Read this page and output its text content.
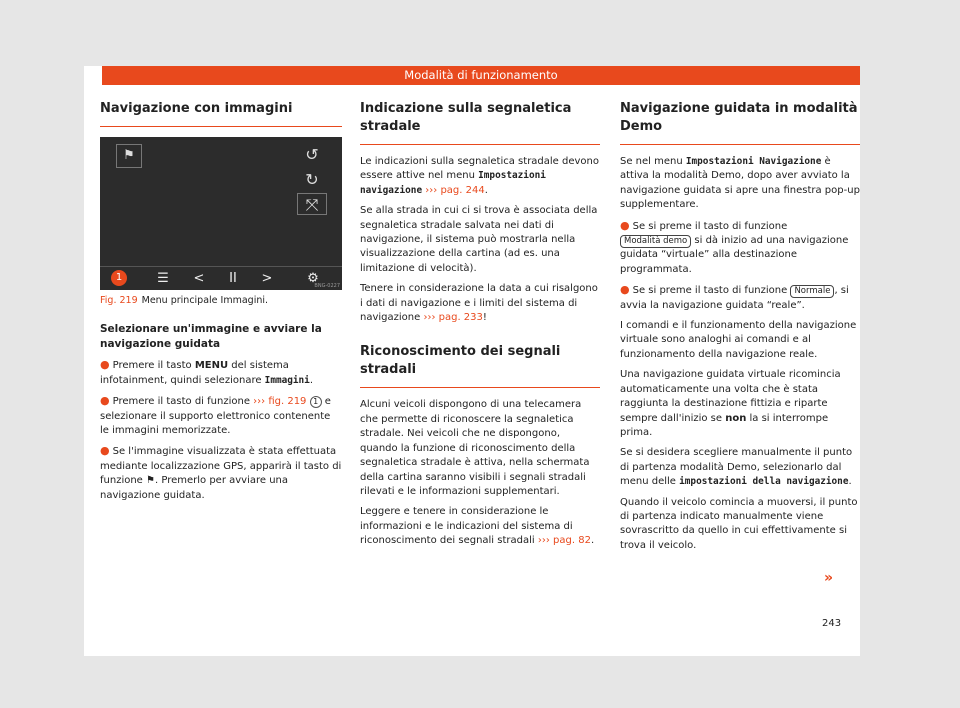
Modalità di funzionamento
Navigazione con immagini
⚑	↺
↻
⤧
1	☰	<	II	>	⚙
BNG-0227

Fig. 219 Menu principale Immagini.

Selezionare un'immagine e avviare la navigazione guidata

● Premere il tasto MENU del sistema infotainment, quindi selezionare Immagini.

● Premere il tasto di funzione ››› fig. 219 1 e selezionare il supporto elettronico contenente le immagini memorizzate.

● Se l'immagine visualizzata è stata effettuata mediante localizzazione GPS, apparirà il tasto di funzione ⚑. Premerlo per avviare una navigazione guidata.

Indicazione sulla segnaletica stradale

Le indicazioni sulla segnaletica stradale devono essere attive nel menu Impostazioni navigazione ››› pag. 244.

Se alla strada in cui ci si trova è associata della segnaletica stradale salvata nei dati di navigazione, il sistema può mostrarla nella visualizzazione della cartina (ad es. una limitazione di velocità).

Tenere in considerazione la data a cui risalgono i dati di navigazione e i limiti del sistema di navigazione ››› pag. 233!

Riconoscimento dei segnali stradali

Alcuni veicoli dispongono di una telecamera che permette di riconoscere la segnaletica stradale. Nei veicoli che ne dispongono, quando la funzione di riconoscimento della segnaletica stradale è attiva, nella schermata della cartina saranno visibili i segnali stradali rilevati e le informazioni supplementari.

Leggere e tenere in considerazione le informazioni e le indicazioni del sistema di riconoscimento dei segnali stradali ››› pag. 82.

Navigazione guidata in modalità Demo

Se nel menu Impostazioni Navigazione è attiva la modalità Demo, dopo aver avviato la navigazione guidata si apre una finestra pop-up supplementare.

● Se si preme il tasto di funzione Modalità demo si dà inizio ad una navigazione guidata “virtuale” alla destinazione programmata.

● Se si preme il tasto di funzione Normale , si avvia la navigazione guidata “reale”.

I comandi e il funzionamento della navigazione virtuale sono analoghi ai comandi e al funzionamento della navigazione reale.

Una navigazione guidata virtuale ricomincia automaticamente una volta che è stata raggiunta la destinazione fittizia e riparte sempre dall'inizio se non la si interrompe prima.

Se si desidera scegliere manualmente il punto di partenza modalità Demo, selezionarlo dal menu delle impostazioni della navigazione.

Quando il veicolo comincia a muoversi, il punto di partenza indicato manualmente viene sovrascritto da quello in cui effettivamente si trova il veicolo.

»
243
